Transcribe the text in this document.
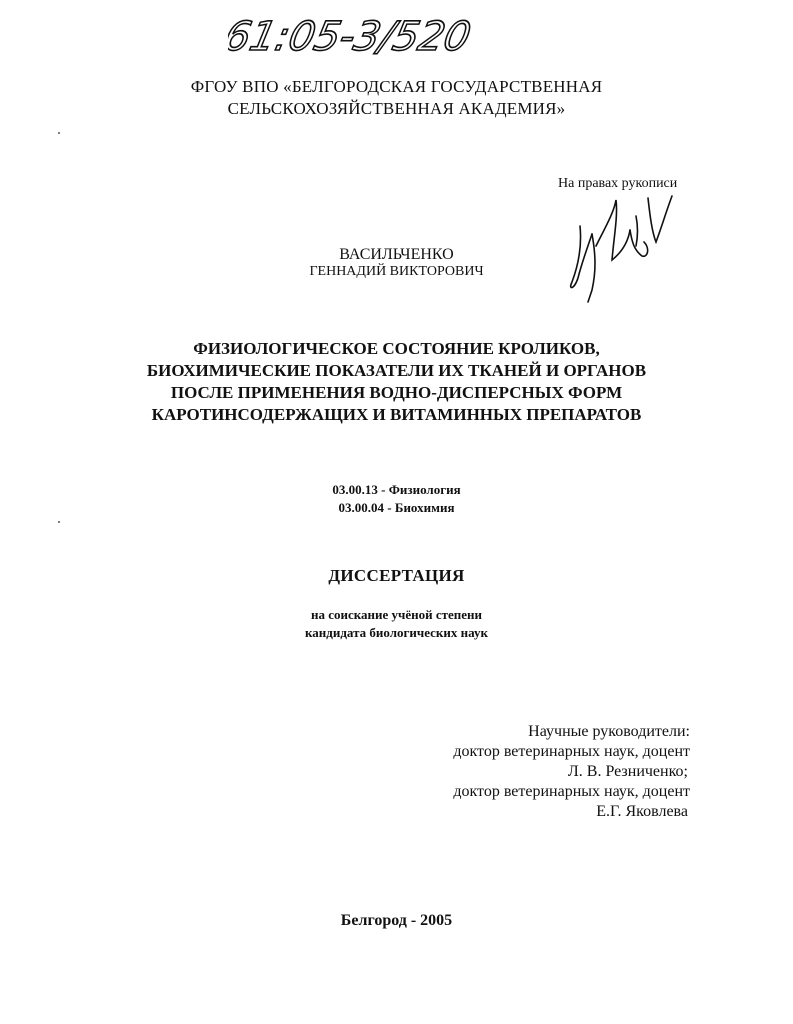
61:05-3/520
ФГОУ ВПО «БЕЛГОРОДСКАЯ ГОСУДАРСТВЕННАЯ
СЕЛЬСКОХОЗЯЙСТВЕННАЯ АКАДЕМИЯ»
На правах рукописи
ВАСИЛЬЧЕНКО
ГЕННАДИЙ ВИКТОРОВИЧ
ФИЗИОЛОГИЧЕСКОЕ СОСТОЯНИЕ КРОЛИКОВ,
БИОХИМИЧЕСКИЕ ПОКАЗАТЕЛИ ИХ ТКАНЕЙ И ОРГАНОВ
ПОСЛЕ ПРИМЕНЕНИЯ ВОДНО-ДИСПЕРСНЫХ ФОРМ
КАРОТИНСОДЕРЖАЩИХ И ВИТАМИННЫХ ПРЕПАРАТОВ
03.00.13 - Физиология
03.00.04 - Биохимия
ДИССЕРТАЦИЯ
на соискание учёной степени
кандидата биологических наук
Научные руководители:
доктор ветеринарных наук, доцент
Л. В. Резниченко;
доктор ветеринарных наук, доцент
Е.Г. Яковлева
Белгород - 2005
